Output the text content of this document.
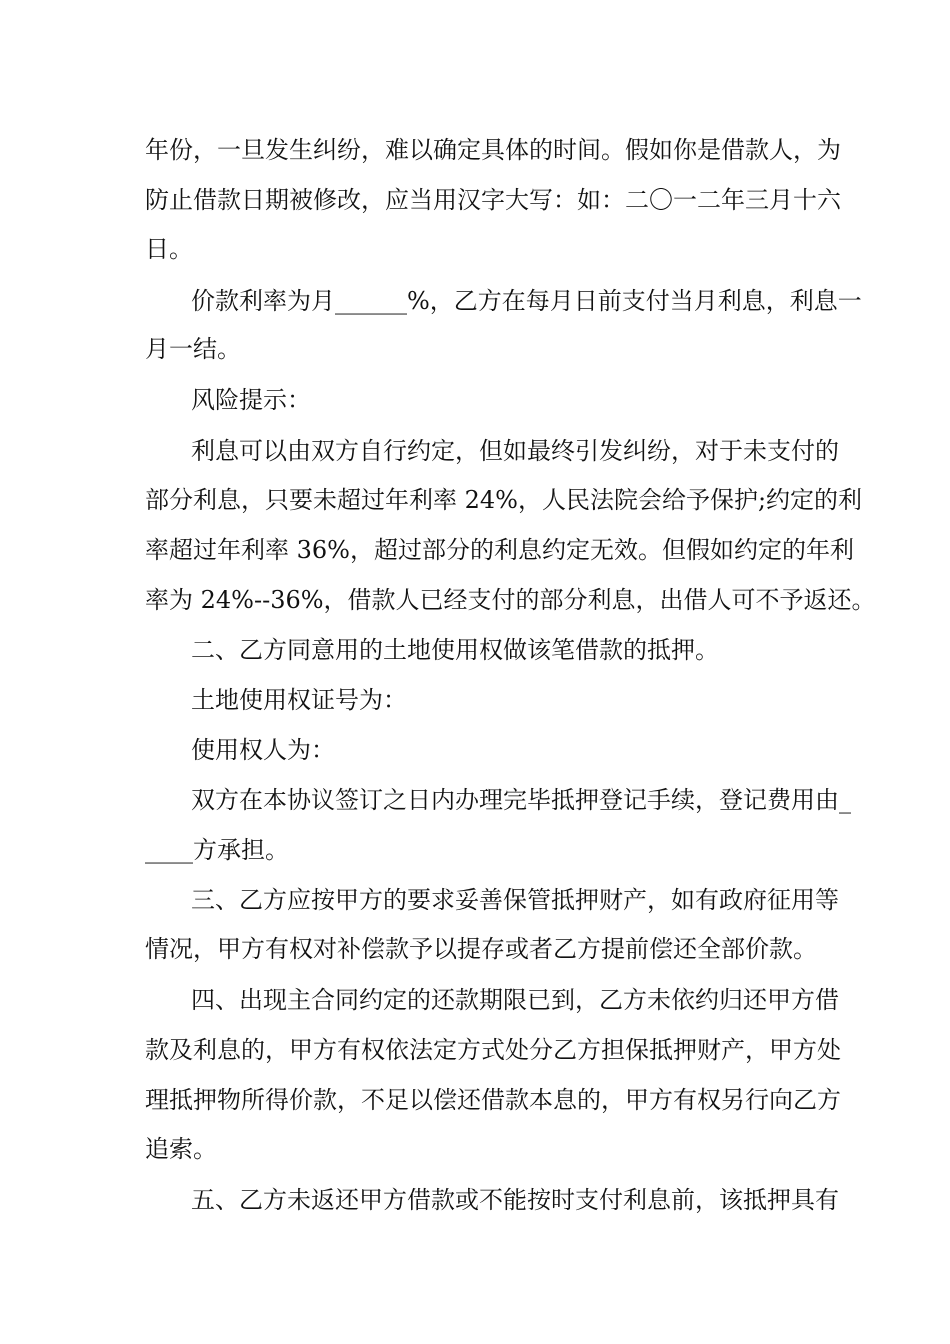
年份，一旦发生纠纷，难以确定具体的时间。假如你是借款人，为
防止借款日期被修改，应当用汉字大写：如：二〇一二年三月十六
日。
价款利率为月______%，乙方在每月日前支付当月利息，利息一
月一结。
风险提示：
利息可以由双方自行约定，但如最终引发纠纷，对于未支付的
部分利息，只要未超过年利率 24%，人民法院会给予保护;约定的利
率超过年利率 36%，超过部分的利息约定无效。但假如约定的年利
率为 24%--36%，借款人已经支付的部分利息，出借人可不予返还。
二、乙方同意用的土地使用权做该笔借款的抵押。
土地使用权证号为：
使用权人为：
双方在本协议签订之日内办理完毕抵押登记手续，登记费用由_
____方承担。
三、乙方应按甲方的要求妥善保管抵押财产，如有政府征用等
情况，甲方有权对补偿款予以提存或者乙方提前偿还全部价款。
四、出现主合同约定的还款期限已到，乙方未依约归还甲方借
款及利息的，甲方有权依法定方式处分乙方担保抵押财产，甲方处
理抵押物所得价款，不足以偿还借款本息的，甲方有权另行向乙方
追索。
五、乙方未返还甲方借款或不能按时支付利息前，该抵押具有
